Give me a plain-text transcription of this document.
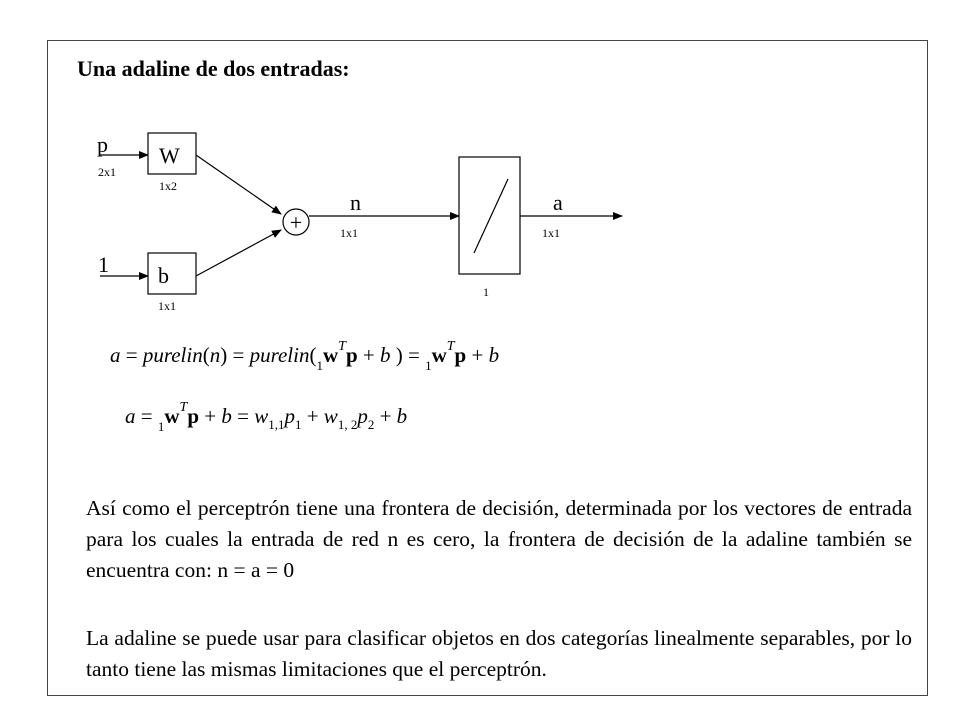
Una adaline de dos entradas:
p
2x1
W
1x2
1 b
1x1
+
n
1x1
1
a
1x1
a = purelin(n) = $purelin(_1w^Tp + b$ ) = $_1w^Tp + b$
$a = _1w^Tp + b = w_{1,1}p_1 + w_{1, 2}p_2 + b$
Así como el perceptrón tiene una frontera de decisión, determinada por los vectores de entrada para los cuales la entrada de red n es cero, la frontera de decisión de la adaline también se encuentra con: n = a = 0
La adaline se puede usar para clasificar objetos en dos categorías linealmente separables, por lo tanto tiene las mismas limitaciones que el perceptrón.
